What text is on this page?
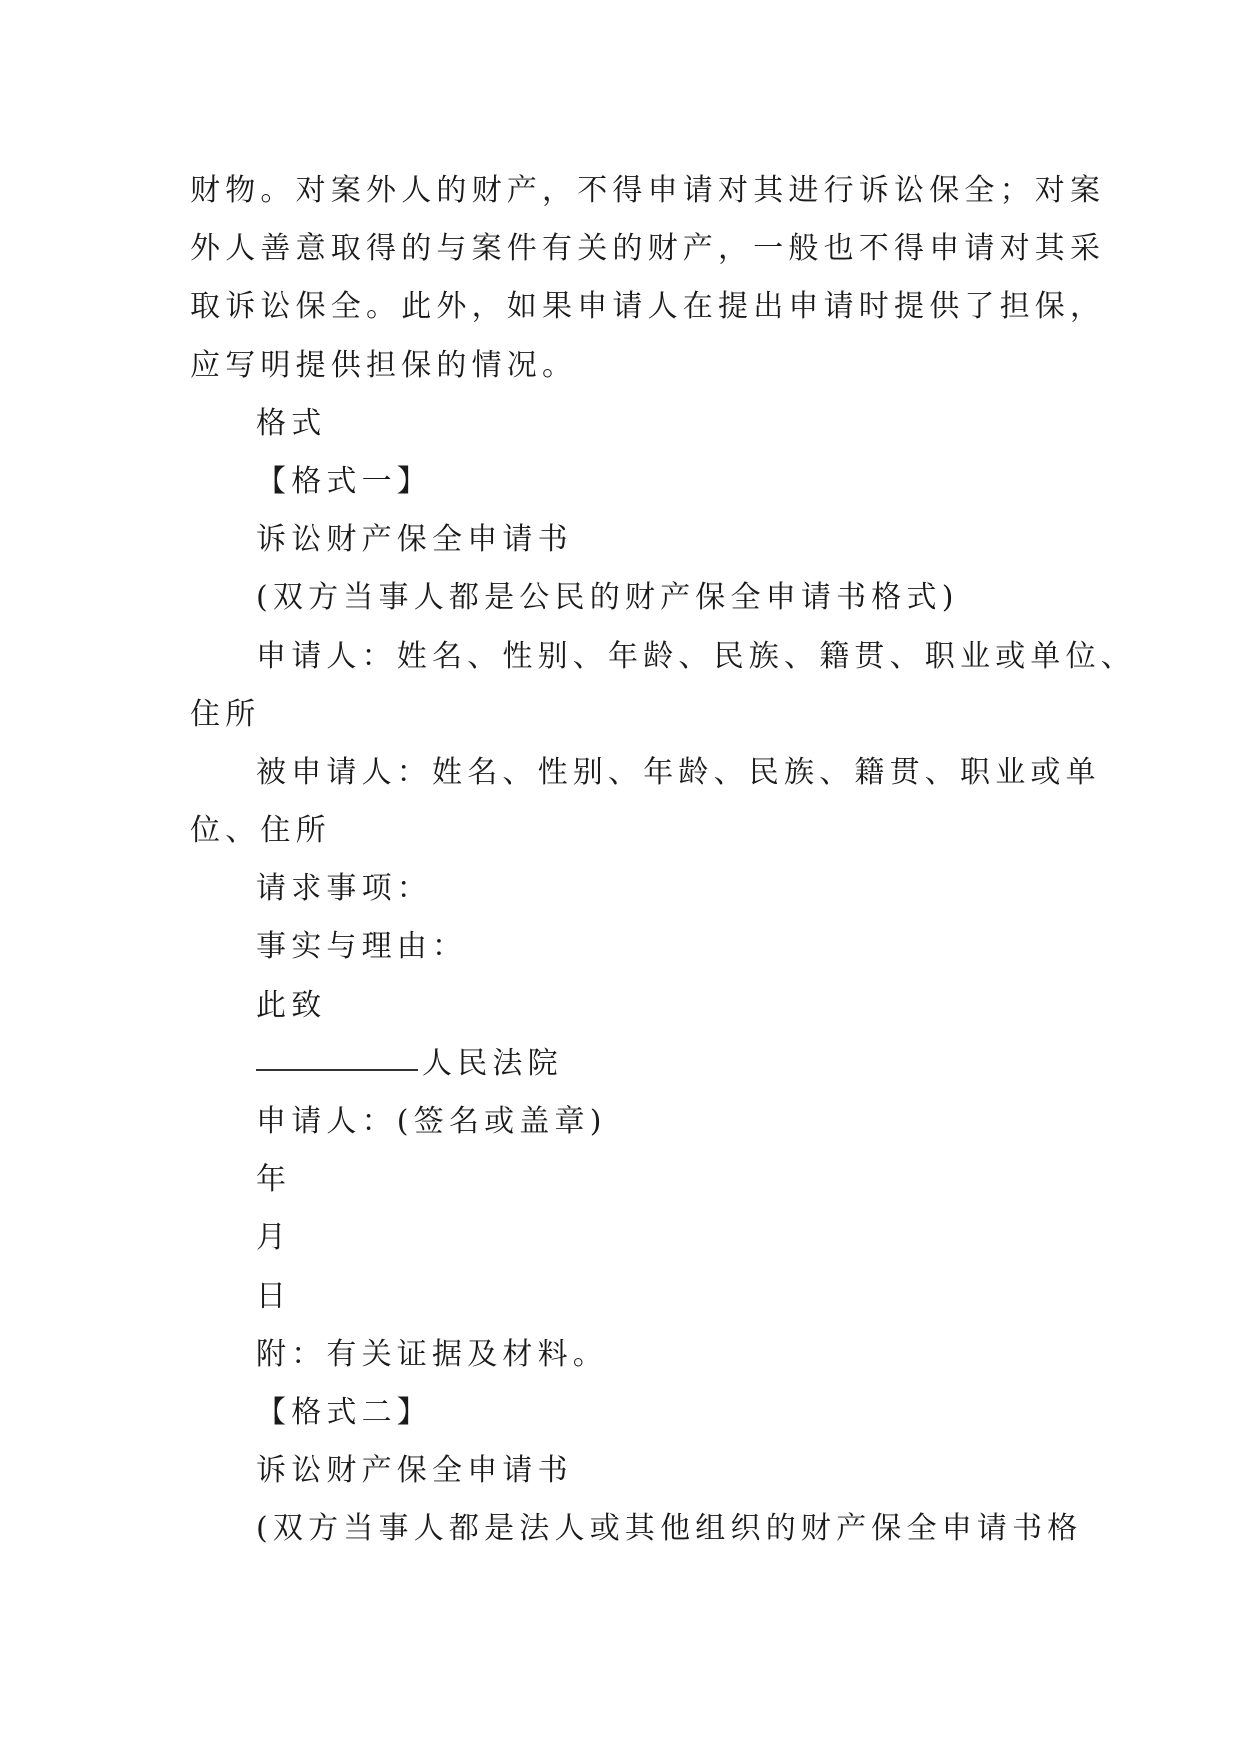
财物。对案外人的财产，不得申请对其进行诉讼保全；对案

外人善意取得的与案件有关的财产，一般也不得申请对其采

取诉讼保全。此外，如果申请人在提出申请时提供了担保，

应写明提供担保的情况。

格式

【格式一】

诉讼财产保全申请书

(双方当事人都是公民的财产保全申请书格式)

申请人：姓名、性别、年龄、民族、籍贯、职业或单位、

住所

被申请人：姓名、性别、年龄、民族、籍贯、职业或单

位、住所

请求事项：

事实与理由：

此致

人民法院

申请人：(签名或盖章)

年

月

日

附：有关证据及材料。

【格式二】

诉讼财产保全申请书

(双方当事人都是法人或其他组织的财产保全申请书格
